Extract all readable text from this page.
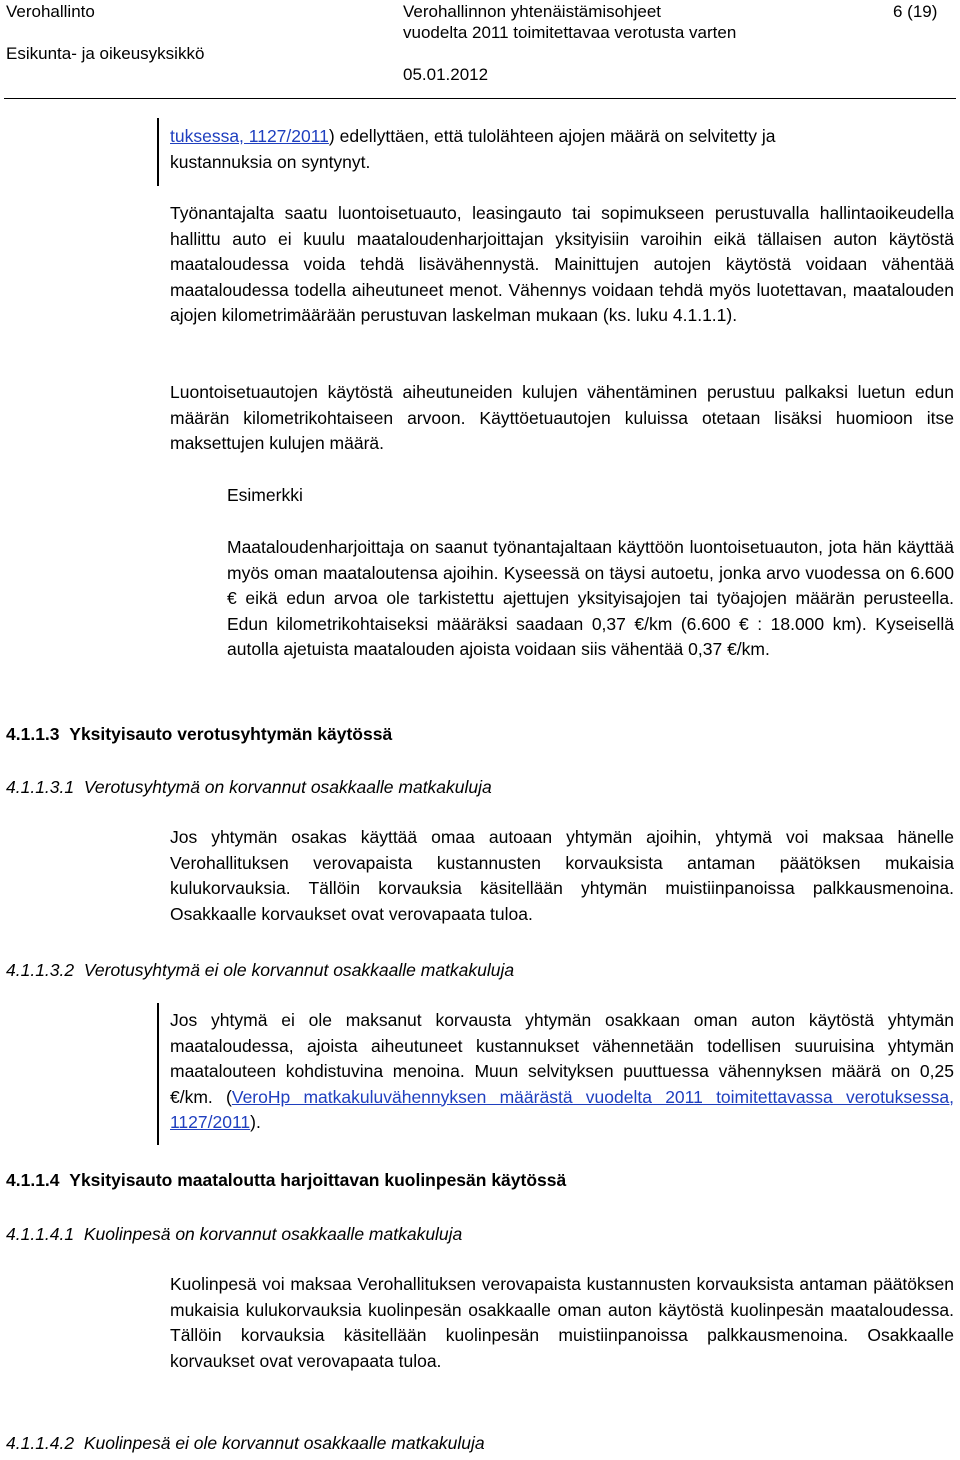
Verohallinto
Esikunta- ja oikeusyksikkö
Verohallinnon yhtenäistämisohjeet
vuodelta 2011 toimitettavaa verotusta varten
05.01.2012
6 (19)
tuksessa, 1127/2011) edellyttäen, että tulolähteen ajojen määrä on selvitetty ja
kustannuksia on syntynyt.
Työnantajalta saatu luontoisetuauto, leasingauto tai sopimukseen perustuvalla hallintaoikeudella hallittu auto ei kuulu maataloudenharjoittajan yksityisiin varoihin eikä tällaisen auton käytöstä maataloudessa voida tehdä lisävähennystä. Mainittujen autojen käytöstä voidaan vähentää maataloudessa todella aiheutuneet menot. Vähennys voidaan tehdä myös luotettavan, maatalouden ajojen kilometrimäärään perustuvan laskelman mukaan (ks. luku 4.1.1.1).
Luontoisetuautojen käytöstä aiheutuneiden kulujen vähentäminen perustuu palkaksi luetun edun määrän kilometrikohtaiseen arvoon. Käyttöetuautojen kuluissa otetaan lisäksi huomioon itse maksettujen kulujen määrä.
Esimerkki
Maataloudenharjoittaja on saanut työnantajaltaan käyttöön luontoisetuauton, jota hän käyttää myös oman maataloutensa ajoihin. Kyseessä on täysi autoetu, jonka arvo vuodessa on 6.600 € eikä edun arvoa ole tarkistettu ajettujen yksityisajojen tai työajojen määrän perusteella. Edun kilometrikohtaiseksi määräksi saadaan 0,37 €/km (6.600 € : 18.000 km). Kyseisellä autolla ajetuista maatalouden ajoista voidaan siis vähentää 0,37 €/km.
4.1.1.3 Yksityisauto verotusyhtymän käytössä
4.1.1.3.1 Verotusyhtymä on korvannut osakkaalle matkakuluja
Jos yhtymän osakas käyttää omaa autoaan yhtymän ajoihin, yhtymä voi maksaa hänelle Verohallituksen verovapaista kustannusten korvauksista antaman päätöksen mukaisia kulukorvauksia. Tällöin korvauksia käsitellään yhtymän muistiinpanoissa palkkausmenoina. Osakkaalle korvaukset ovat verovapaata tuloa.
4.1.1.3.2 Verotusyhtymä ei ole korvannut osakkaalle matkakuluja
Jos yhtymä ei ole maksanut korvausta yhtymän osakkaan oman auton käytöstä yhtymän maataloudessa, ajoista aiheutuneet kustannukset vähennetään todellisen suuruisina yhtymän maatalouteen kohdistuvina menoina. Muun selvityksen puuttuessa vähennyksen määrä on 0,25 €/km. (VeroHp matkakuluvähennyksen määrästä vuodelta 2011 toimitettavassa verotuksessa, 1127/2011).
4.1.1.4 Yksityisauto maataloutta harjoittavan kuolinpesän käytössä
4.1.1.4.1 Kuolinpesä on korvannut osakkaalle matkakuluja
Kuolinpesä voi maksaa Verohallituksen verovapaista kustannusten korvauksista antaman päätöksen mukaisia kulukorvauksia kuolinpesän osakkaalle oman auton käytöstä kuolinpesän maataloudessa. Tällöin korvauksia käsitellään kuolinpesän muistiinpanoissa palkkausmenoina. Osakkaalle korvaukset ovat verovapaata tuloa.
4.1.1.4.2 Kuolinpesä ei ole korvannut osakkaalle matkakuluja
